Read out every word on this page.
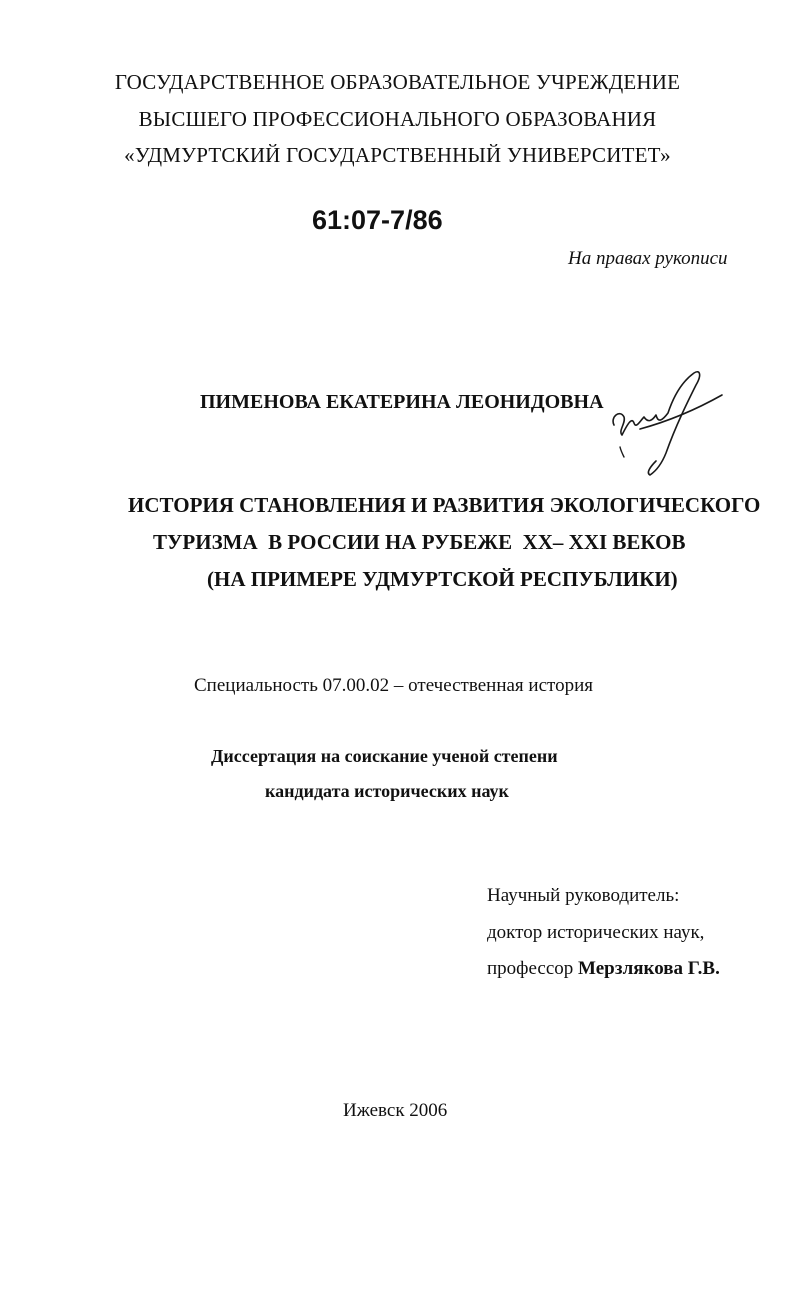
ГОСУДАРСТВЕННОЕ ОБРАЗОВАТЕЛЬНОЕ УЧРЕЖДЕНИЕ
ВЫСШЕГО ПРОФЕССИОНАЛЬНОГО ОБРАЗОВАНИЯ
«УДМУРТСКИЙ ГОСУДАРСТВЕННЫЙ УНИВЕРСИТЕТ»
61:07-7/86
На правах рукописи
ПИМЕНОВА ЕКАТЕРИНА ЛЕОНИДОВНА
ИСТОРИЯ СТАНОВЛЕНИЯ И РАЗВИТИЯ ЭКОЛОГИЧЕСКОГО
ТУРИЗМА  В РОССИИ НА РУБЕЖЕ  XX– XXI ВЕКОВ
(НА ПРИМЕРЕ УДМУРТСКОЙ РЕСПУБЛИКИ)
Специальность 07.00.02 – отечественная история
Диссертация на соискание ученой степени
кандидата исторических наук
Научный руководитель:
доктор исторических наук,
профессор Мерзлякова Г.В.
Ижевск 2006
